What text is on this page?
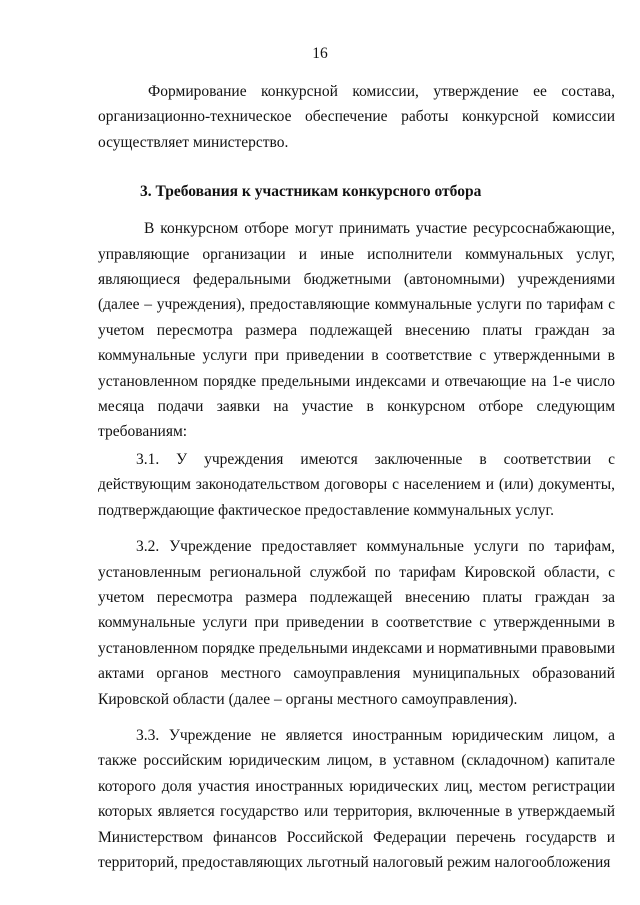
16

Формирование конкурсной комиссии, утверждение ее состава, организационно-техническое обеспечение работы конкурсной комиссии осуществляет министерство.

3. Требования к участникам конкурсного отбора

В конкурсном отборе могут принимать участие ресурсоснабжающие, управляющие организации и иные исполнители коммунальных услуг, являющиеся федеральными бюджетными (автономными) учреждениями (далее – учреждения), предоставляющие коммунальные услуги по тарифам с учетом пересмотра размера подлежащей внесению платы граждан за коммунальные услуги при приведении в соответствие с утвержденными в установленном порядке предельными индексами и отвечающие на 1-е число месяца подачи заявки на участие в конкурсном отборе следующим требованиям:

3.1. У учреждения имеются заключенные в соответствии с действующим законодательством договоры с населением и (или) документы, подтверждающие фактическое предоставление коммунальных услуг.

3.2. Учреждение предоставляет коммунальные услуги по тарифам, установленным региональной службой по тарифам Кировской области, с учетом пересмотра размера подлежащей внесению платы граждан за коммунальные услуги при приведении в соответствие с утвержденными в установленном порядке предельными индексами и нормативными правовыми актами органов местного самоуправления муниципальных образований Кировской области (далее – органы местного самоуправления).

3.3. Учреждение не является иностранным юридическим лицом, а также российским юридическим лицом, в уставном (складочном) капитале которого доля участия иностранных юридических лиц, местом регистрации которых является государство или территория, включенные в утверждаемый Министерством финансов Российской Федерации перечень государств и территорий, предоставляющих льготный налоговый режим налогообложения
